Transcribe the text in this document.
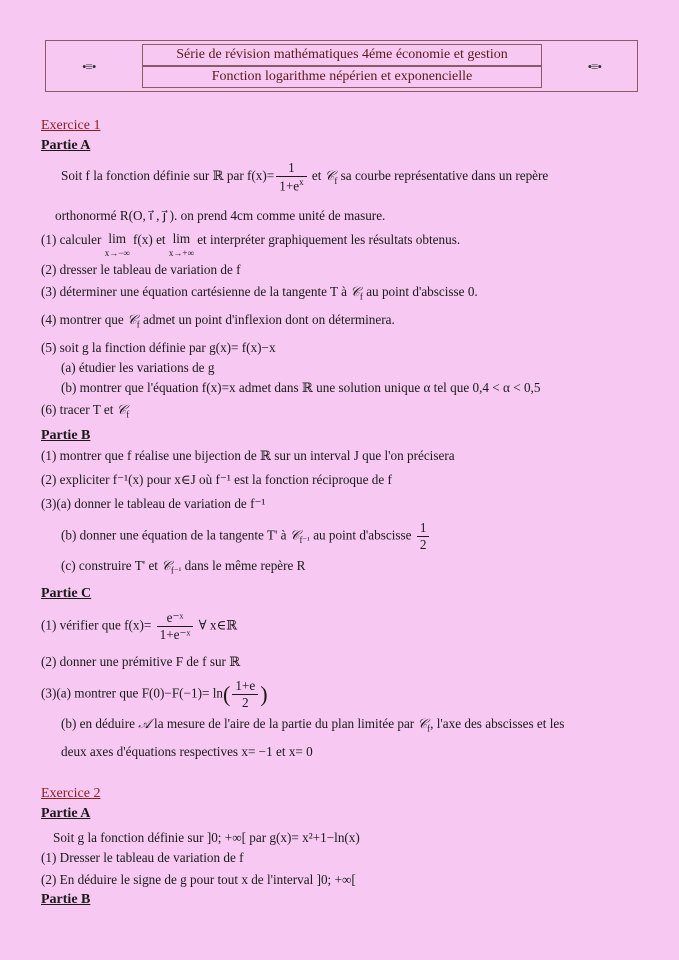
•≡•
Série de révision mathématiques 4éme économie et gestion
Fonction logarithme népérien et exponencielle
•≡•
Exercice 1
Partie A
Soit f la fonction définie sur ℝ par $f(x)= \frac{1}{1+e^x}$ et 𝒞$_f$ sa courbe représentative dans un repère
orthonormé R(O, i⃗ , j⃗ ). on prend 4cm comme unité de masure.
(1) calculer lim
x→−∞
f(x) et lim
x→+∞
et interpréter graphiquement les résultats obtenus.
(2) dresser le tableau de variation de f
(3) déterminer une équation cartésienne de la tangente T à 𝒞$_f$ au point d'abscisse 0.
(4) montrer que 𝒞$_f$ admet un point d'inflexion dont on déterminera.
(5) soit g la finction définie par g(x)= f(x)−x
(a) étudier les variations de g
(b) montrer que l'équation f(x)=x admet dans ℝ une solution unique α tel que 0,4 < α < 0,5
(6) tracer T et 𝒞$_f$
Partie B
(1) montrer que f réalise une bijection de ℝ sur un interval J que l'on précisera
(2) expliciter f⁻¹(x) pour x∈J où f⁻¹ est la fonction réciproque de f
(3)(a) donner le tableau de variation de f⁻¹
(b) donner une équation de la tangente T' à 𝒞$_{f^{-1}}$ au point d'abscisse $\frac{1}{2}$
(c) construire T' et 𝒞$_{f^{-1}}$ dans le même repère R
Partie C
(1) vérifier que $f(x)= \frac{\text{e⁻ˣ}}{\text{1+e⁻ˣ}}$ ∀ x∈ℝ
(2) donner une prémitive F de f sur ℝ
(3)(a) montrer que $F(0)-F(-1)= \ln( \frac{1+e}{2}$ )
(b) en déduire 𝒜 la mesure de l'aire de la partie du plan limitée par 𝒞$_f$, l'axe des abscisses et les
deux axes d'équations respectives x= −1 et x= 0
Exercice 2
Partie A
Soit g la fonction définie sur ]0; +∞[ par g(x)= x²+1−ln(x)
(1) Dresser le tableau de variation de f
(2) En déduire le signe de g pour tout x de l'interval ]0; +∞[
Partie B
